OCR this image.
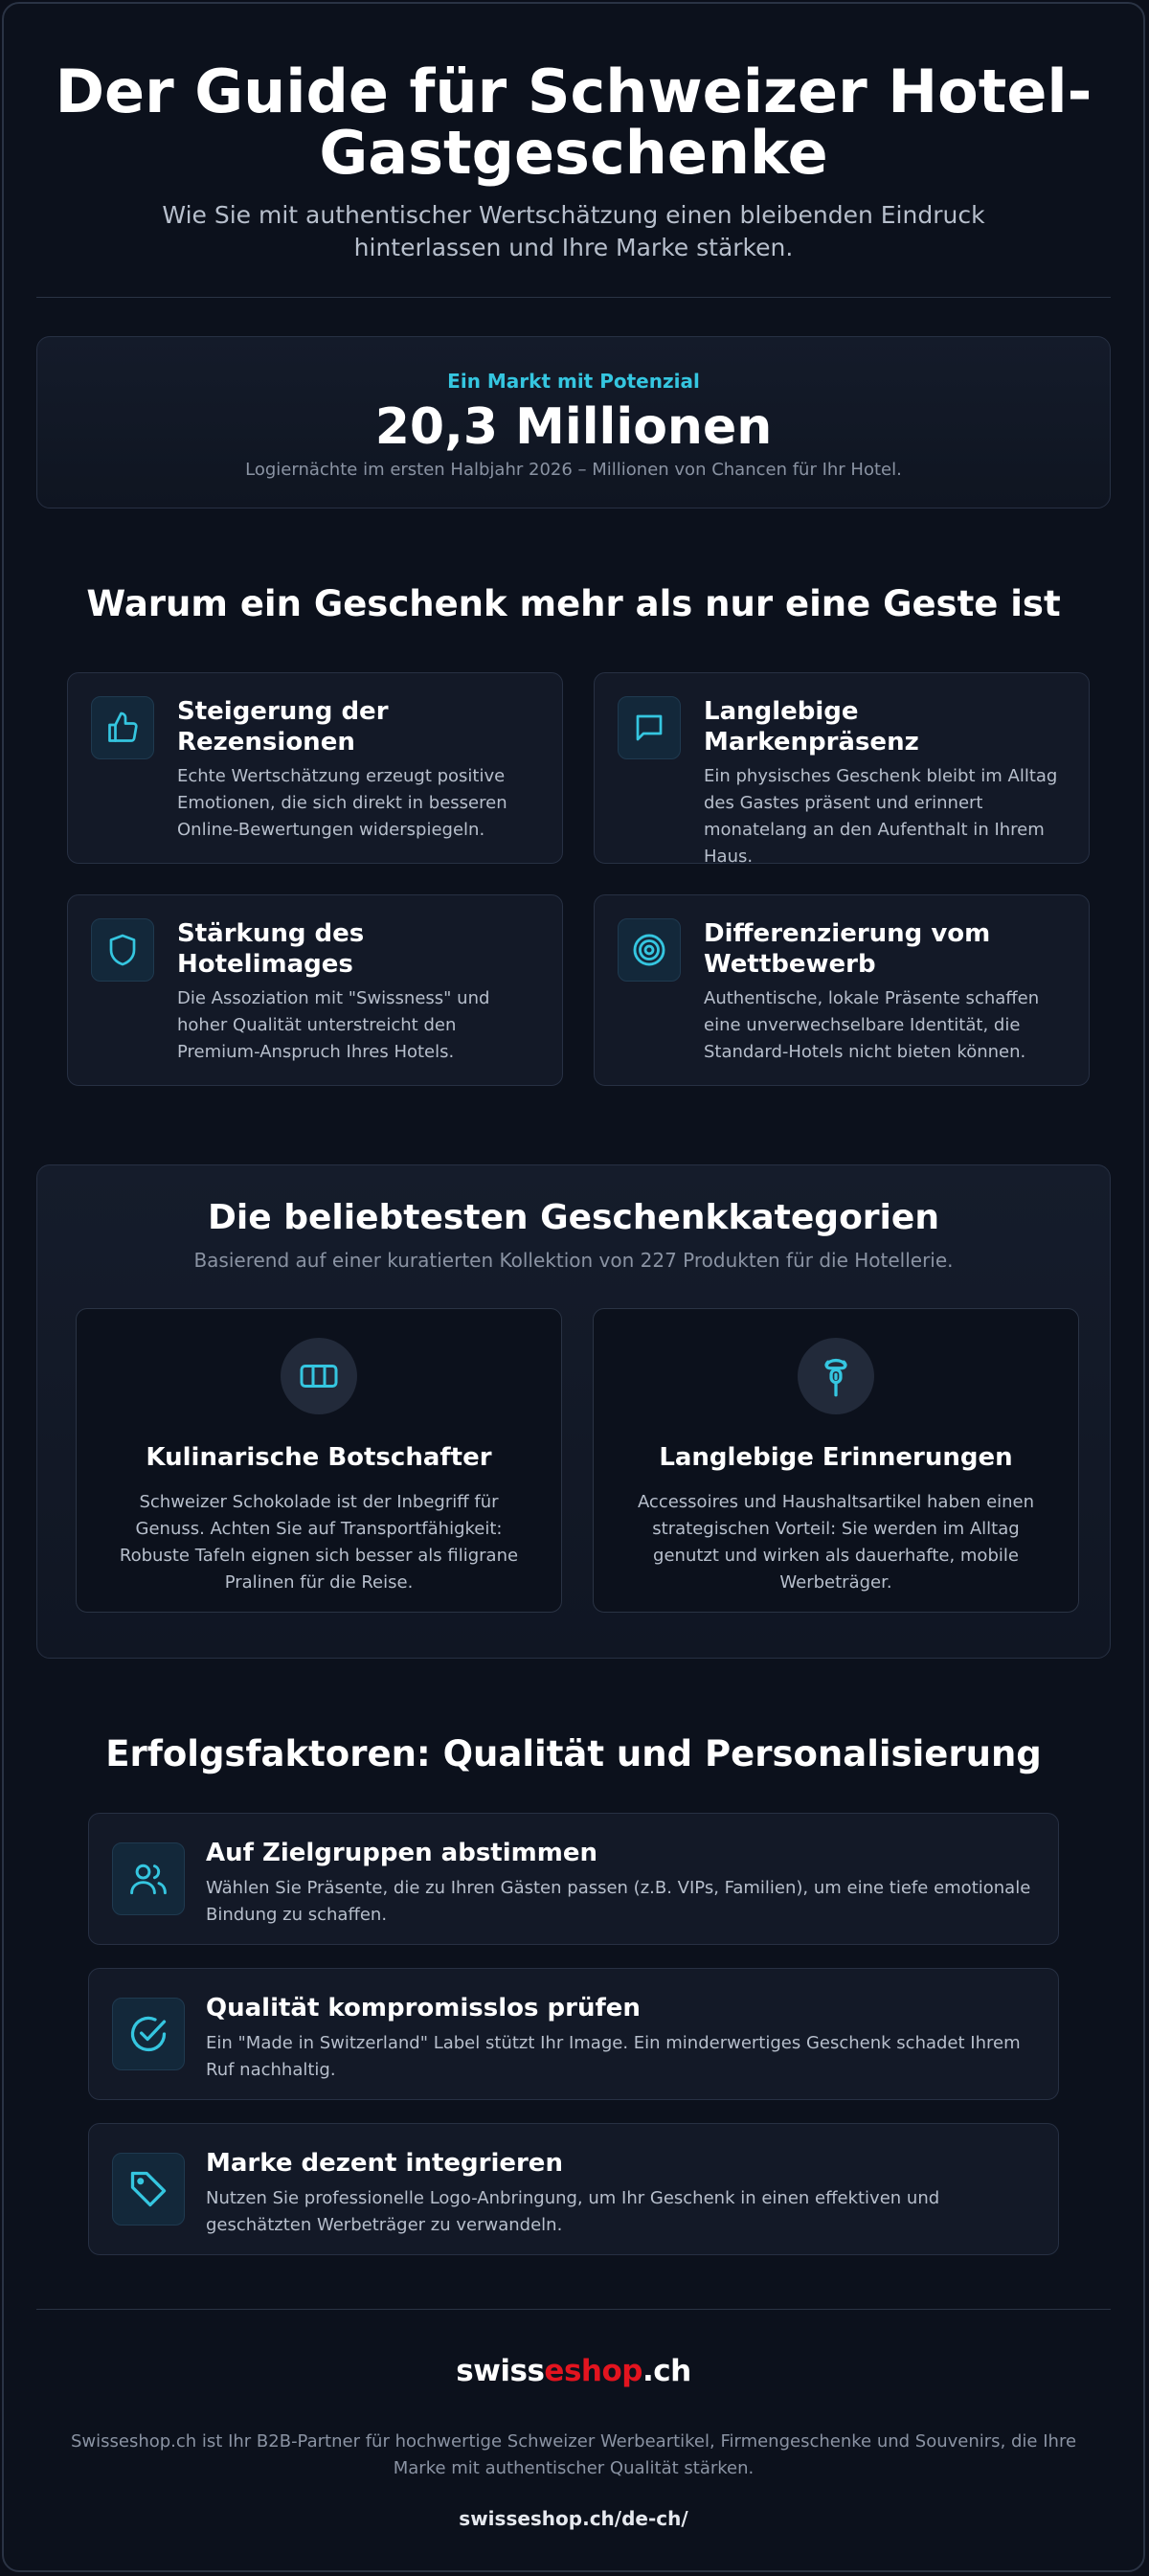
Der Guide für Schweizer Hotel-Gastgeschenke

Wie Sie mit authentischer Wertschätzung einen bleibenden Eindruck hinterlassen und Ihre Marke stärken.

Ein Markt mit Potenzial
20,3 Millionen
Logiernächte im ersten Halbjahr 2026 – Millionen von Chancen für Ihr Hotel.
Warum ein Geschenk mehr als nur eine Geste ist
Steigerung der Rezensionen

Echte Wertschätzung erzeugt positive Emotionen, die sich direkt in besseren Online-Bewertungen widerspiegeln.

Langlebige Markenpräsenz

Ein physisches Geschenk bleibt im Alltag des Gastes präsent und erinnert monatelang an den Aufenthalt in Ihrem Haus.

Stärkung des Hotelimages

Die Assoziation mit "Swissness" und hoher Qualität unterstreicht den Premium-Anspruch Ihres Hotels.

Differenzierung vom Wettbewerb

Authentische, lokale Präsente schaffen eine unverwechselbare Identität, die Standard-Hotels nicht bieten können.

Die beliebtesten Geschenkkategorien
Basierend auf einer kuratierten Kollektion von 227 Produkten für die Hotellerie.
Kulinarische Botschafter

Schweizer Schokolade ist der Inbegriff für Genuss. Achten Sie auf Transportfähigkeit: Robuste Tafeln eignen sich besser als filigrane Pralinen für die Reise.

Langlebige Erinnerungen

Accessoires und Haushaltsartikel haben einen strategischen Vorteil: Sie werden im Alltag genutzt und wirken als dauerhafte, mobile Werbeträger.

Erfolgsfaktoren: Qualität und Personalisierung
Auf Zielgruppen abstimmen

Wählen Sie Präsente, die zu Ihren Gästen passen (z.B. VIPs, Familien), um eine tiefe emotionale Bindung zu schaffen.

Qualität kompromisslos prüfen

Ein "Made in Switzerland" Label stützt Ihr Image. Ein minderwertiges Geschenk schadet Ihrem Ruf nachhaltig.

Marke dezent integrieren

Nutzen Sie professionelle Logo-Anbringung, um Ihr Geschenk in einen effektiven und geschätzten Werbeträger zu verwandeln.

swisseshop.ch

Swisseshop.ch ist Ihr B2B-Partner für hochwertige Schweizer Werbeartikel, Firmengeschenke und Souvenirs, die Ihre Marke mit authentischer Qualität stärken.

swisseshop.ch/de-ch/
